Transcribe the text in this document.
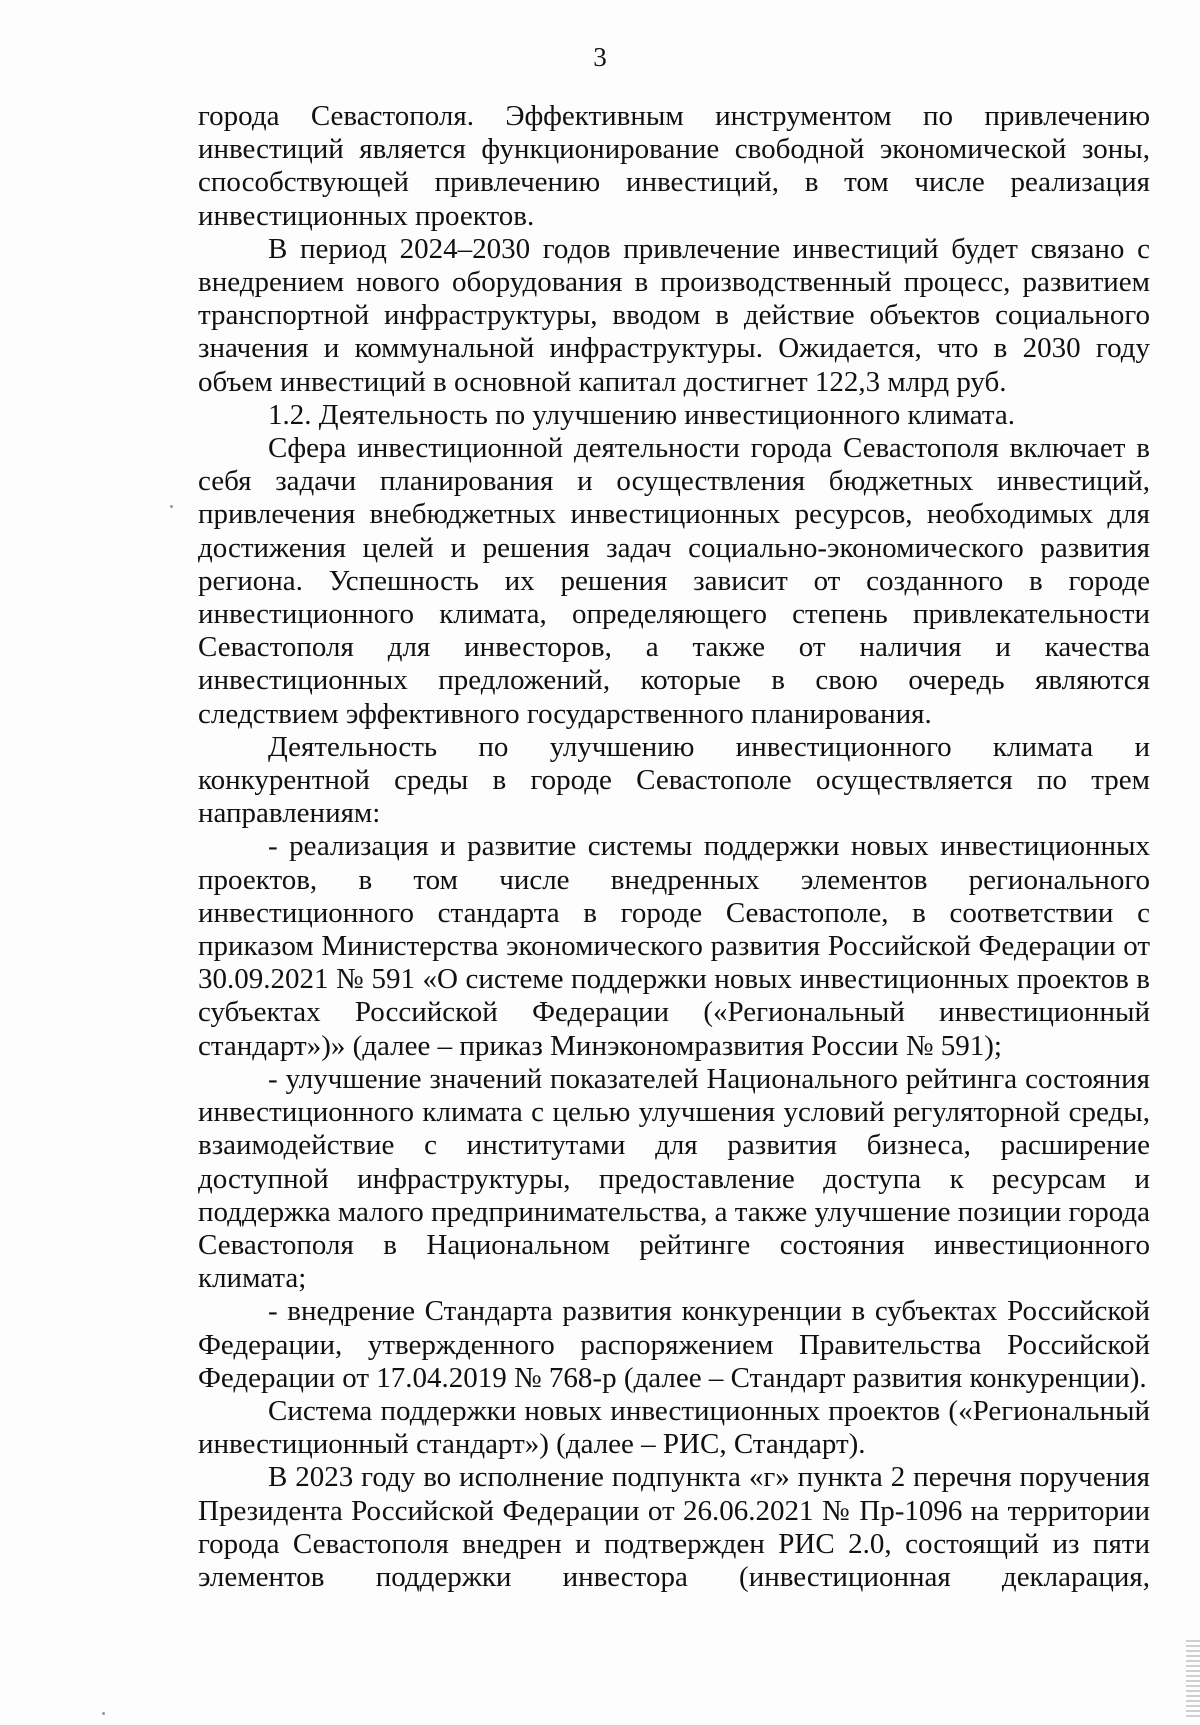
3

города Севастополя. Эффективным инструментом по привлечению инвестиций является функционирование свободной экономической зоны, способствующей привлечению инвестиций, в том числе реализация инвестиционных проектов.

В период 2024–2030 годов привлечение инвестиций будет связано с внедрением нового оборудования в производственный процесс, развитием транспортной инфраструктуры, вводом в действие объектов социального значения и коммунальной инфраструктуры. Ожидается, что в 2030 году объем инвестиций в основной капитал достигнет 122,3 млрд руб.

1.2. Деятельность по улучшению инвестиционного климата.

Сфера инвестиционной деятельности города Севастополя включает в себя задачи планирования и осуществления бюджетных инвестиций, привлечения внебюджетных инвестиционных ресурсов, необходимых для достижения целей и решения задач социально-экономического развития региона. Успешность их решения зависит от созданного в городе инвестиционного климата, определяющего степень привлекательности Севастополя для инвесторов, а также от наличия и качества инвестиционных предложений, которые в свою очередь являются следствием эффективного государственного планирования.

Деятельность по улучшению инвестиционного климата и конкурентной среды в городе Севастополе осуществляется по трем направлениям:

- реализация и развитие системы поддержки новых инвестиционных проектов, в том числе внедренных элементов регионального инвестиционного стандарта в городе Севастополе, в соответствии с приказом Министерства экономического развития Российской Федерации от 30.09.2021 № 591 «О системе поддержки новых инвестиционных проектов в субъектах Российской Федерации («Региональный инвестиционный стандарт»)» (далее – приказ Минэкономразвития России № 591);

- улучшение значений показателей Национального рейтинга состояния инвестиционного климата с целью улучшения условий регуляторной среды, взаимодействие с институтами для развития бизнеса, расширение доступной инфраструктуры, предоставление доступа к ресурсам и поддержка малого предпринимательства, а также улучшение позиции города Севастополя в Национальном рейтинге состояния инвестиционного климата;

- внедрение Стандарта развития конкуренции в субъектах Российской Федерации, утвержденного распоряжением Правительства Российской Федерации от 17.04.2019 № 768-р (далее – Стандарт развития конкуренции).

Система поддержки новых инвестиционных проектов («Региональный инвестиционный стандарт») (далее – РИС, Стандарт).

В 2023 году во исполнение подпункта «г» пункта 2 перечня поручения Президента Российской Федерации от 26.06.2021 № Пр-1096 на территории города Севастополя внедрен и подтвержден РИС 2.0, состоящий из пяти элементов поддержки инвестора (инвестиционная декларация,
